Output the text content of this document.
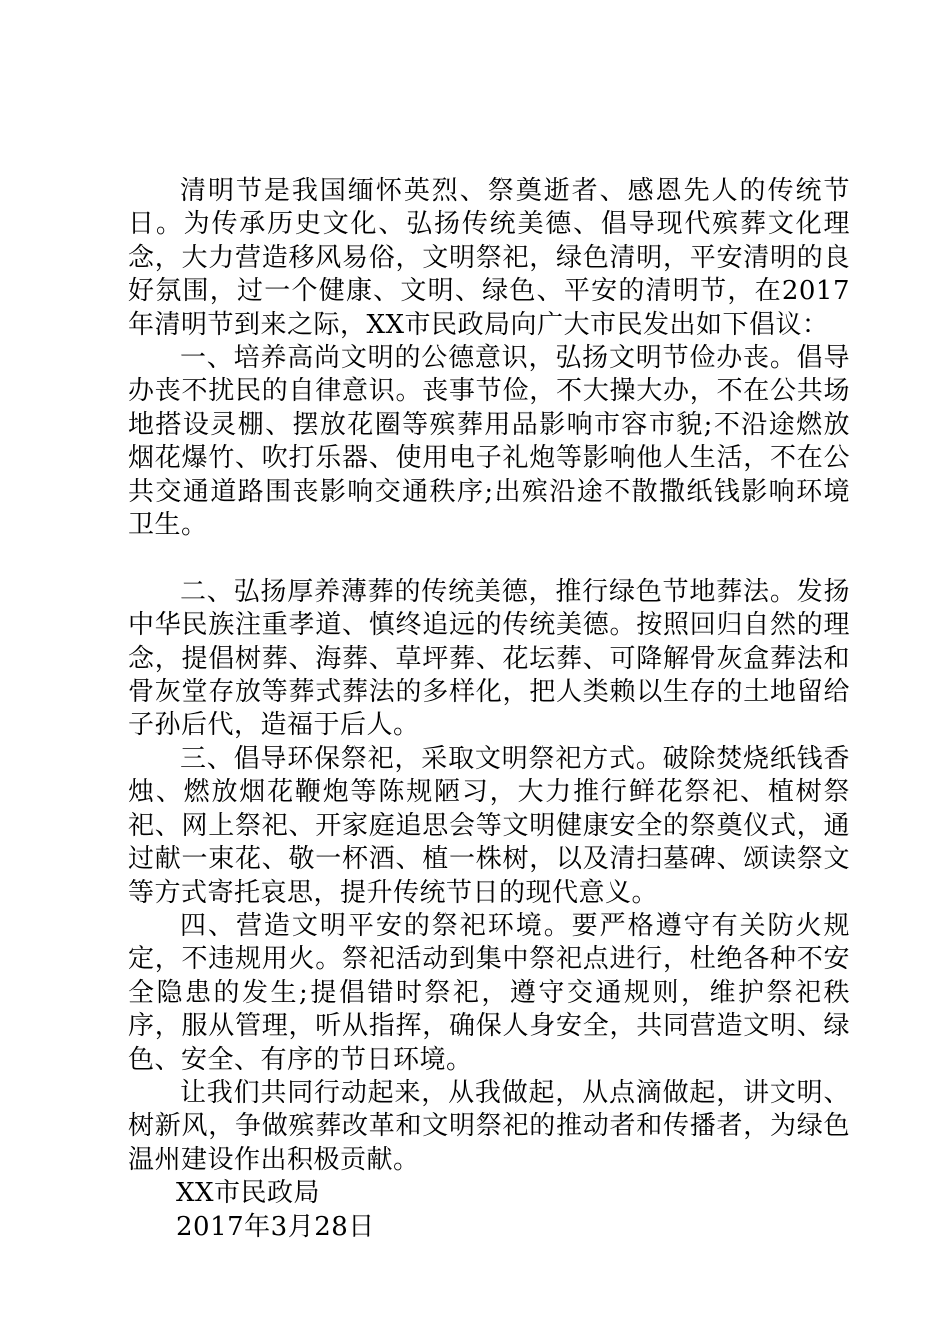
清明节是我国缅怀英烈、祭奠逝者、感恩先人的传统节日。为传承历史文化、弘扬传统美德、倡导现代殡葬文化理念，大力营造移风易俗，文明祭祀，绿色清明，平安清明的良好氛围，过一个健康、文明、绿色、平安的清明节，在2017年清明节到来之际，XX市民政局向广大市民发出如下倡议：

一、培养高尚文明的公德意识，弘扬文明节俭办丧。倡导办丧不扰民的自律意识。丧事节俭，不大操大办，不在公共场地搭设灵棚、摆放花圈等殡葬用品影响市容市貌;不沿途燃放烟花爆竹、吹打乐器、使用电子礼炮等影响他人生活，不在公共交通道路围丧影响交通秩序;出殡沿途不散撒纸钱影响环境卫生。

二、弘扬厚养薄葬的传统美德，推行绿色节地葬法。发扬中华民族注重孝道、慎终追远的传统美德。按照回归自然的理念，提倡树葬、海葬、草坪葬、花坛葬、可降解骨灰盒葬法和骨灰堂存放等葬式葬法的多样化，把人类赖以生存的土地留给子孙后代，造福于后人。

三、倡导环保祭祀，采取文明祭祀方式。破除焚烧纸钱香烛、燃放烟花鞭炮等陈规陋习，大力推行鲜花祭祀、植树祭祀、网上祭祀、开家庭追思会等文明健康安全的祭奠仪式，通过献一束花、敬一杯酒、植一株树，以及清扫墓碑、颂读祭文等方式寄托哀思，提升传统节日的现代意义。

四、营造文明平安的祭祀环境。要严格遵守有关防火规定，不违规用火。祭祀活动到集中祭祀点进行，杜绝各种不安全隐患的发生;提倡错时祭祀，遵守交通规则，维护祭祀秩序，服从管理，听从指挥，确保人身安全，共同营造文明、绿色、安全、有序的节日环境。

让我们共同行动起来，从我做起，从点滴做起，讲文明、树新风，争做殡葬改革和文明祭祀的推动者和传播者，为绿色温州建设作出积极贡献。

XX市民政局

2017年3月28日
